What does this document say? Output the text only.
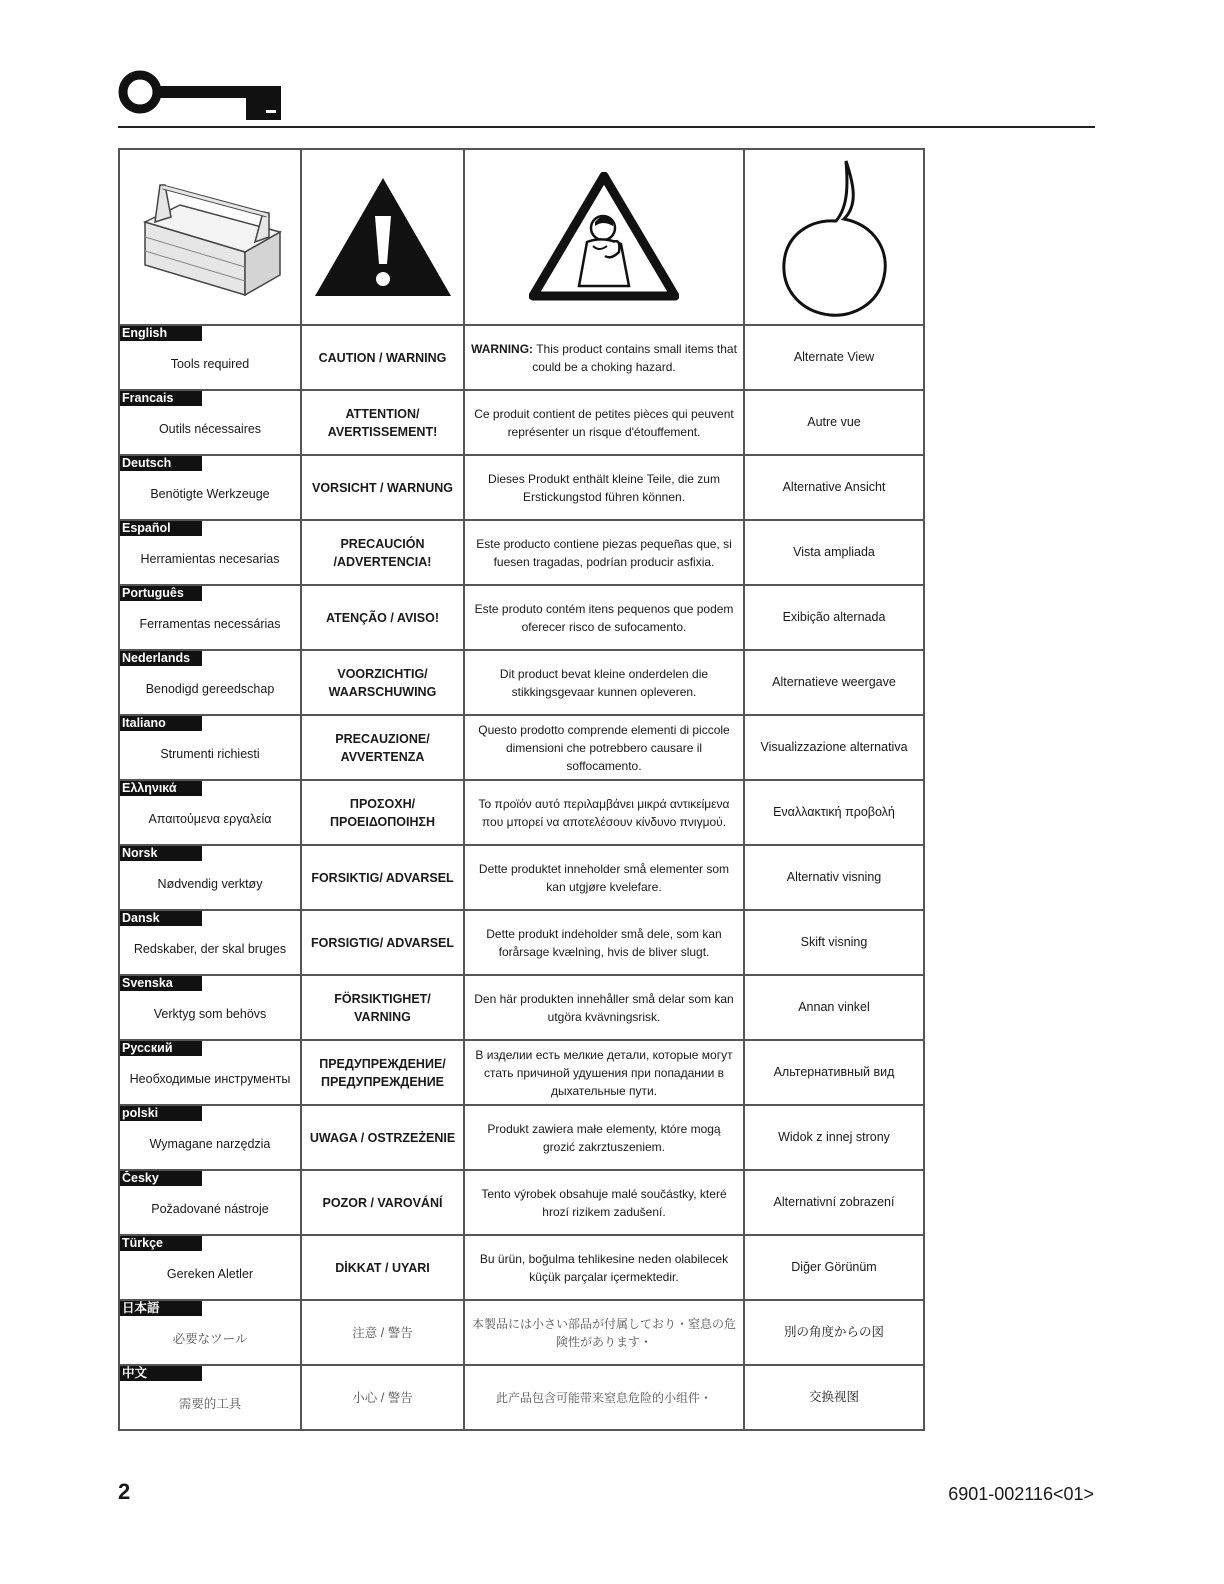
English
Tools required	CAUTION / WARNING	WARNING: This product contains small items that could be a choking hazard.	Alternate View

Francais
Outils nécessaires	ATTENTION/ AVERTISSEMENT!	Ce produit contient de petites pièces qui peuvent représenter un risque d'étouffement.	Autre vue

Deutsch
Benötigte Werkzeuge	VORSICHT / WARNUNG	Dieses Produkt enthält kleine Teile, die zum Erstickungstod führen können.	Alternative Ansicht

Español
Herramientas necesarias	PRECAUCIÓN /ADVERTENCIA!	Este producto contiene piezas pequeñas que, si fuesen tragadas, podrían producir asfixia.	Vista ampliada

Português
Ferramentas necessárias	ATENÇÃO / AVISO!	Este produto contém itens pequenos que podem oferecer risco de sufocamento.	Exibição alternada

Nederlands
Benodigd gereedschap	VOORZICHTIG/ WAARSCHUWING	Dit product bevat kleine onderdelen die stikkingsgevaar kunnen opleveren.	Alternatieve weergave

Italiano
Strumenti richiesti	PRECAUZIONE/ AVVERTENZA	Questo prodotto comprende elementi di piccole dimensioni che potrebbero causare il soffocamento.	Visualizzazione alternativa

Ελληνικά
Απαιτούμενα εργαλεία	ΠΡΟΣΟΧΗ/ ΠΡΟΕΙΔΟΠΟΙΗΣΗ	Το προϊόν αυτό περιλαμβάνει μικρά αντικείμενα που μπορεί να αποτελέσουν κίνδυνο πνιγμού.	Εναλλακτική προβολή

Norsk
Nødvendig verktøy	FORSIKTIG/ ADVARSEL	Dette produktet inneholder små elementer som kan utgjøre kvelefare.	Alternativ visning

Dansk
Redskaber, der skal bruges	FORSIGTIG/ ADVARSEL	Dette produkt indeholder små dele, som kan forårsage kvælning, hvis de bliver slugt.	Skift visning

Svenska
Verktyg som behövs	FÖRSIKTIGHET/ VARNING	Den här produkten innehåller små delar som kan utgöra kvävningsrisk.	Annan vinkel

Русский
Необходимые инструменты	ПРЕДУПРЕЖДЕНИЕ/ ПРЕДУПРЕЖДЕНИЕ	В изделии есть мелкие детали, которые могут стать причиной удушения при попадании в дыхательные пути.	Альтернативный вид

polski
Wymagane narzędzia	UWAGA / OSTRZEŻENIE	Produkt zawiera małe elementy, które mogą grozić zakrztuszeniem.	Widok z innej strony

Česky
Požadované nástroje	POZOR / VAROVÁNÍ	Tento výrobek obsahuje malé součástky, které hrozí rizikem zadušení.	Alternativní zobrazení

Türkçe
Gereken Aletler	DİKKAT / UYARI	Bu ürün, boğulma tehlikesine neden olabilecek küçük parçalar içermektedir.	Diğer Görünüm

日本語
必要なツール	注意 / 警告	本製品には小さい部品が付属しており・窒息の危険性があります・	別の角度からの図

中文
需要的工具	小心 / 警告	此产品包含可能带来窒息危险的小组件・	交换视图
2	6901-002116<01>
